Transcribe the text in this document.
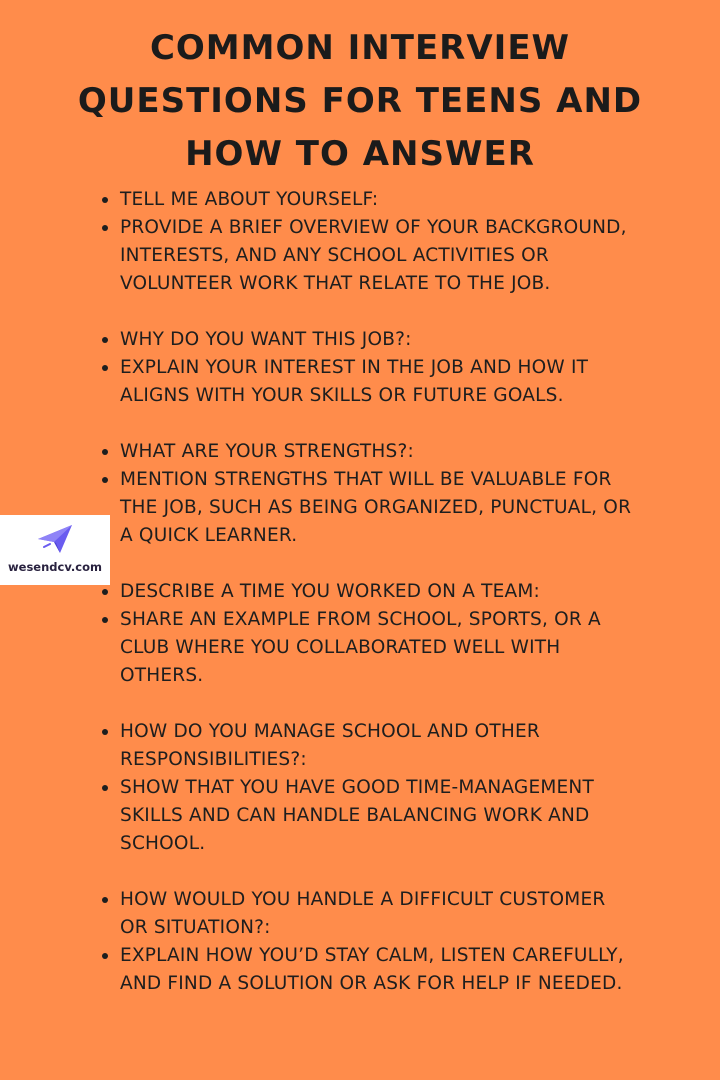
COMMON INTERVIEW
QUESTIONS FOR TEENS AND
HOW TO ANSWER
TELL ME ABOUT YOURSELF:
PROVIDE A BRIEF OVERVIEW OF YOUR BACKGROUND,
INTERESTS, AND ANY SCHOOL ACTIVITIES OR
VOLUNTEER WORK THAT RELATE TO THE JOB.
WHY DO YOU WANT THIS JOB?:
EXPLAIN YOUR INTEREST IN THE JOB AND HOW IT
ALIGNS WITH YOUR SKILLS OR FUTURE GOALS.
WHAT ARE YOUR STRENGTHS?:
MENTION STRENGTHS THAT WILL BE VALUABLE FOR
THE JOB, SUCH AS BEING ORGANIZED, PUNCTUAL, OR
A QUICK LEARNER.
DESCRIBE A TIME YOU WORKED ON A TEAM:
SHARE AN EXAMPLE FROM SCHOOL, SPORTS, OR A
CLUB WHERE YOU COLLABORATED WELL WITH
OTHERS.
HOW DO YOU MANAGE SCHOOL AND OTHER
RESPONSIBILITIES?:
SHOW THAT YOU HAVE GOOD TIME-MANAGEMENT
SKILLS AND CAN HANDLE BALANCING WORK AND
SCHOOL.
HOW WOULD YOU HANDLE A DIFFICULT CUSTOMER
OR SITUATION?:
EXPLAIN HOW YOU’D STAY CALM, LISTEN CAREFULLY,
AND FIND A SOLUTION OR ASK FOR HELP IF NEEDED.
wesendcv.com
